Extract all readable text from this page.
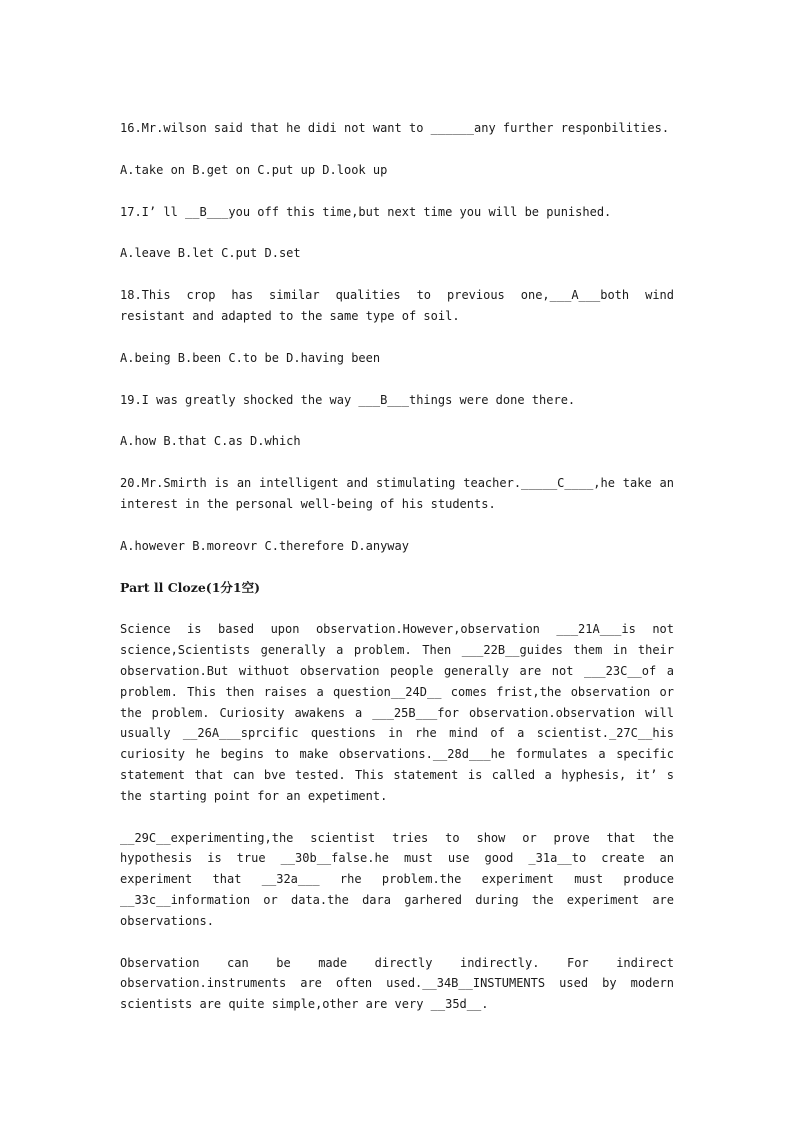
16.Mr.wilson said that he didi not want to ______any further responbilities.

A.take on B.get on C.put up D.look up

17.I’ ll __B___you off this time,but next time you will be punished.

A.leave B.let C.put D.set

18.This crop has similar qualities to previous one,___A___both wind resistant and adapted to the same type of soil.

A.being B.been C.to be D.having been

19.I was greatly shocked the way ___B___things were done there.

A.how B.that C.as D.which

20.Mr.Smirth is an intelligent and stimulating teacher._____C____,he take an interest in the personal well-being of his students.

A.however B.moreovr C.therefore D.anyway

Part ll Cloze(1分1空)

Science is based upon observation.However,observation ___21A___is not science,Scientists generally a problem. Then ___22B__guides them in their observation.But withuot observation people generally are not ___23C__of a problem. This then raises a question__24D__ comes frist,the observation or the problem. Curiosity awakens a ___25B___for observation.observation will usually __26A___sprcific questions in rhe mind of a scientist._27C__his curiosity he begins to make observations.__28d___he formulates a specific statement that can bve tested. This statement is called a hyphesis, it’ s the starting point for an expetiment.

__29C__experimenting,the scientist tries to show or prove that the hypothesis is true __30b__false.he must use good _31a__to create an experiment that __32a___ rhe problem.the experiment must produce __33c__information or data.the dara garhered during the experiment are observations.

Observation can be made directly indirectly. For indirect observation.instruments are often used.__34B__INSTUMENTS used by modern scientists are quite simple,other are very __35d__.
